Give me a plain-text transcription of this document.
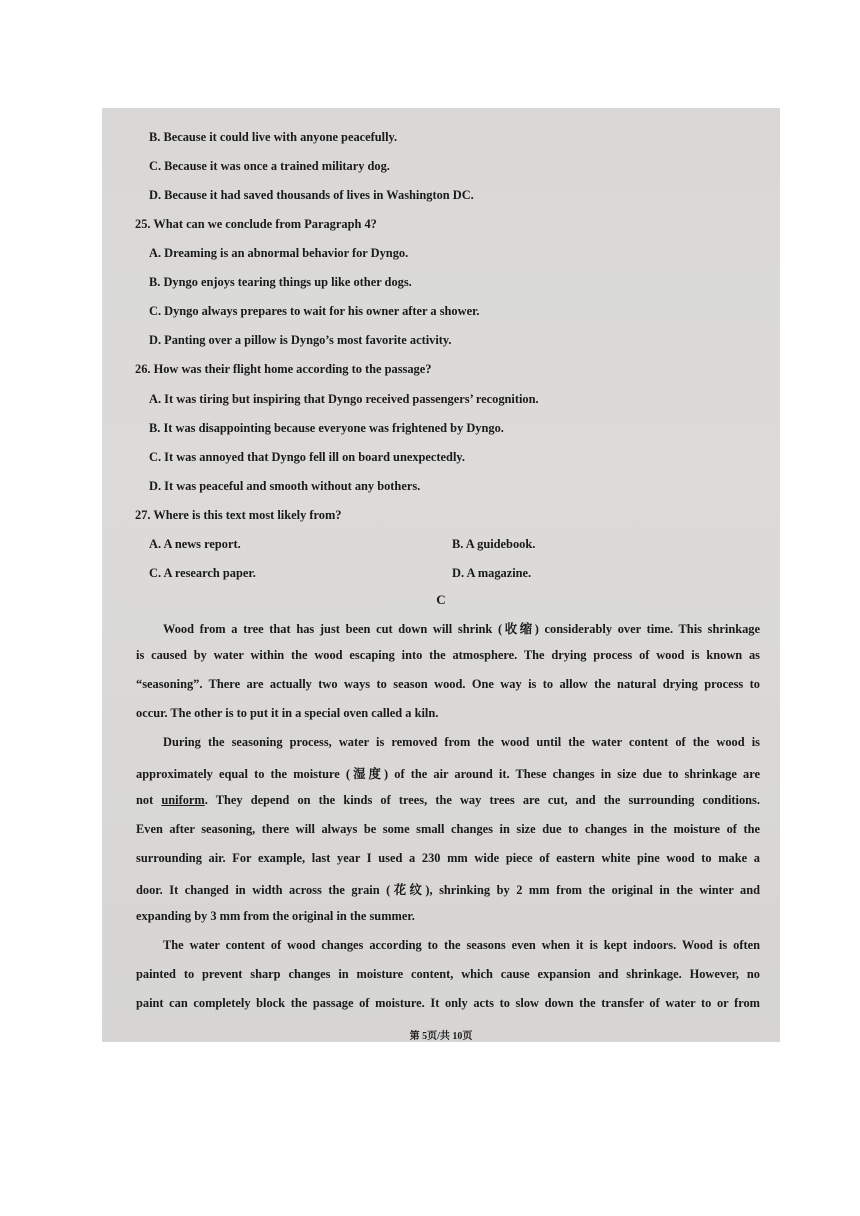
B. Because it could live with anyone peacefully.
C. Because it was once a trained military dog.
D. Because it had saved thousands of lives in Washington DC.
25. What can we conclude from Paragraph 4?
A. Dreaming is an abnormal behavior for Dyngo.
B. Dyngo enjoys tearing things up like other dogs.
C. Dyngo always prepares to wait for his owner after a shower.
D. Panting over a pillow is Dyngo’s most favorite activity.
26. How was their flight home according to the passage?
A. It was tiring but inspiring that Dyngo received passengers’ recognition.
B. It was disappointing because everyone was frightened by Dyngo.
C. It was annoyed that Dyngo fell ill on board unexpectedly.
D. It was peaceful and smooth without any bothers.
27. Where is this text most likely from?
A. A news report.	B. A guidebook.
C. A research paper.	D. A magazine.
C
Wood from a tree that has just been cut down will shrink (收缩) considerably over time. This shrinkage
is caused by water within the wood escaping into the atmosphere. The drying process of wood is known as
“seasoning”. There are actually two ways to season wood. One way is to allow the natural drying process to
occur. The other is to put it in a special oven called a kiln.
During the seasoning process, water is removed from the wood until the water content of the wood is
approximately equal to the moisture (湿度) of the air around it. These changes in size due to shrinkage are
not uniform. They depend on the kinds of trees, the way trees are cut, and the surrounding conditions.
Even after seasoning, there will always be some small changes in size due to changes in the moisture of the
surrounding air. For example, last year I used a 230 mm wide piece of eastern white pine wood to make a
door. It changed in width across the grain (花纹), shrinking by 2 mm from the original in the winter and
expanding by 3 mm from the original in the summer.
The water content of wood changes according to the seasons even when it is kept indoors. Wood is often
painted to prevent sharp changes in moisture content, which cause expansion and shrinkage. However, no
paint can completely block the passage of moisture. It only acts to slow down the transfer of water to or from
第 5页/共 10页
